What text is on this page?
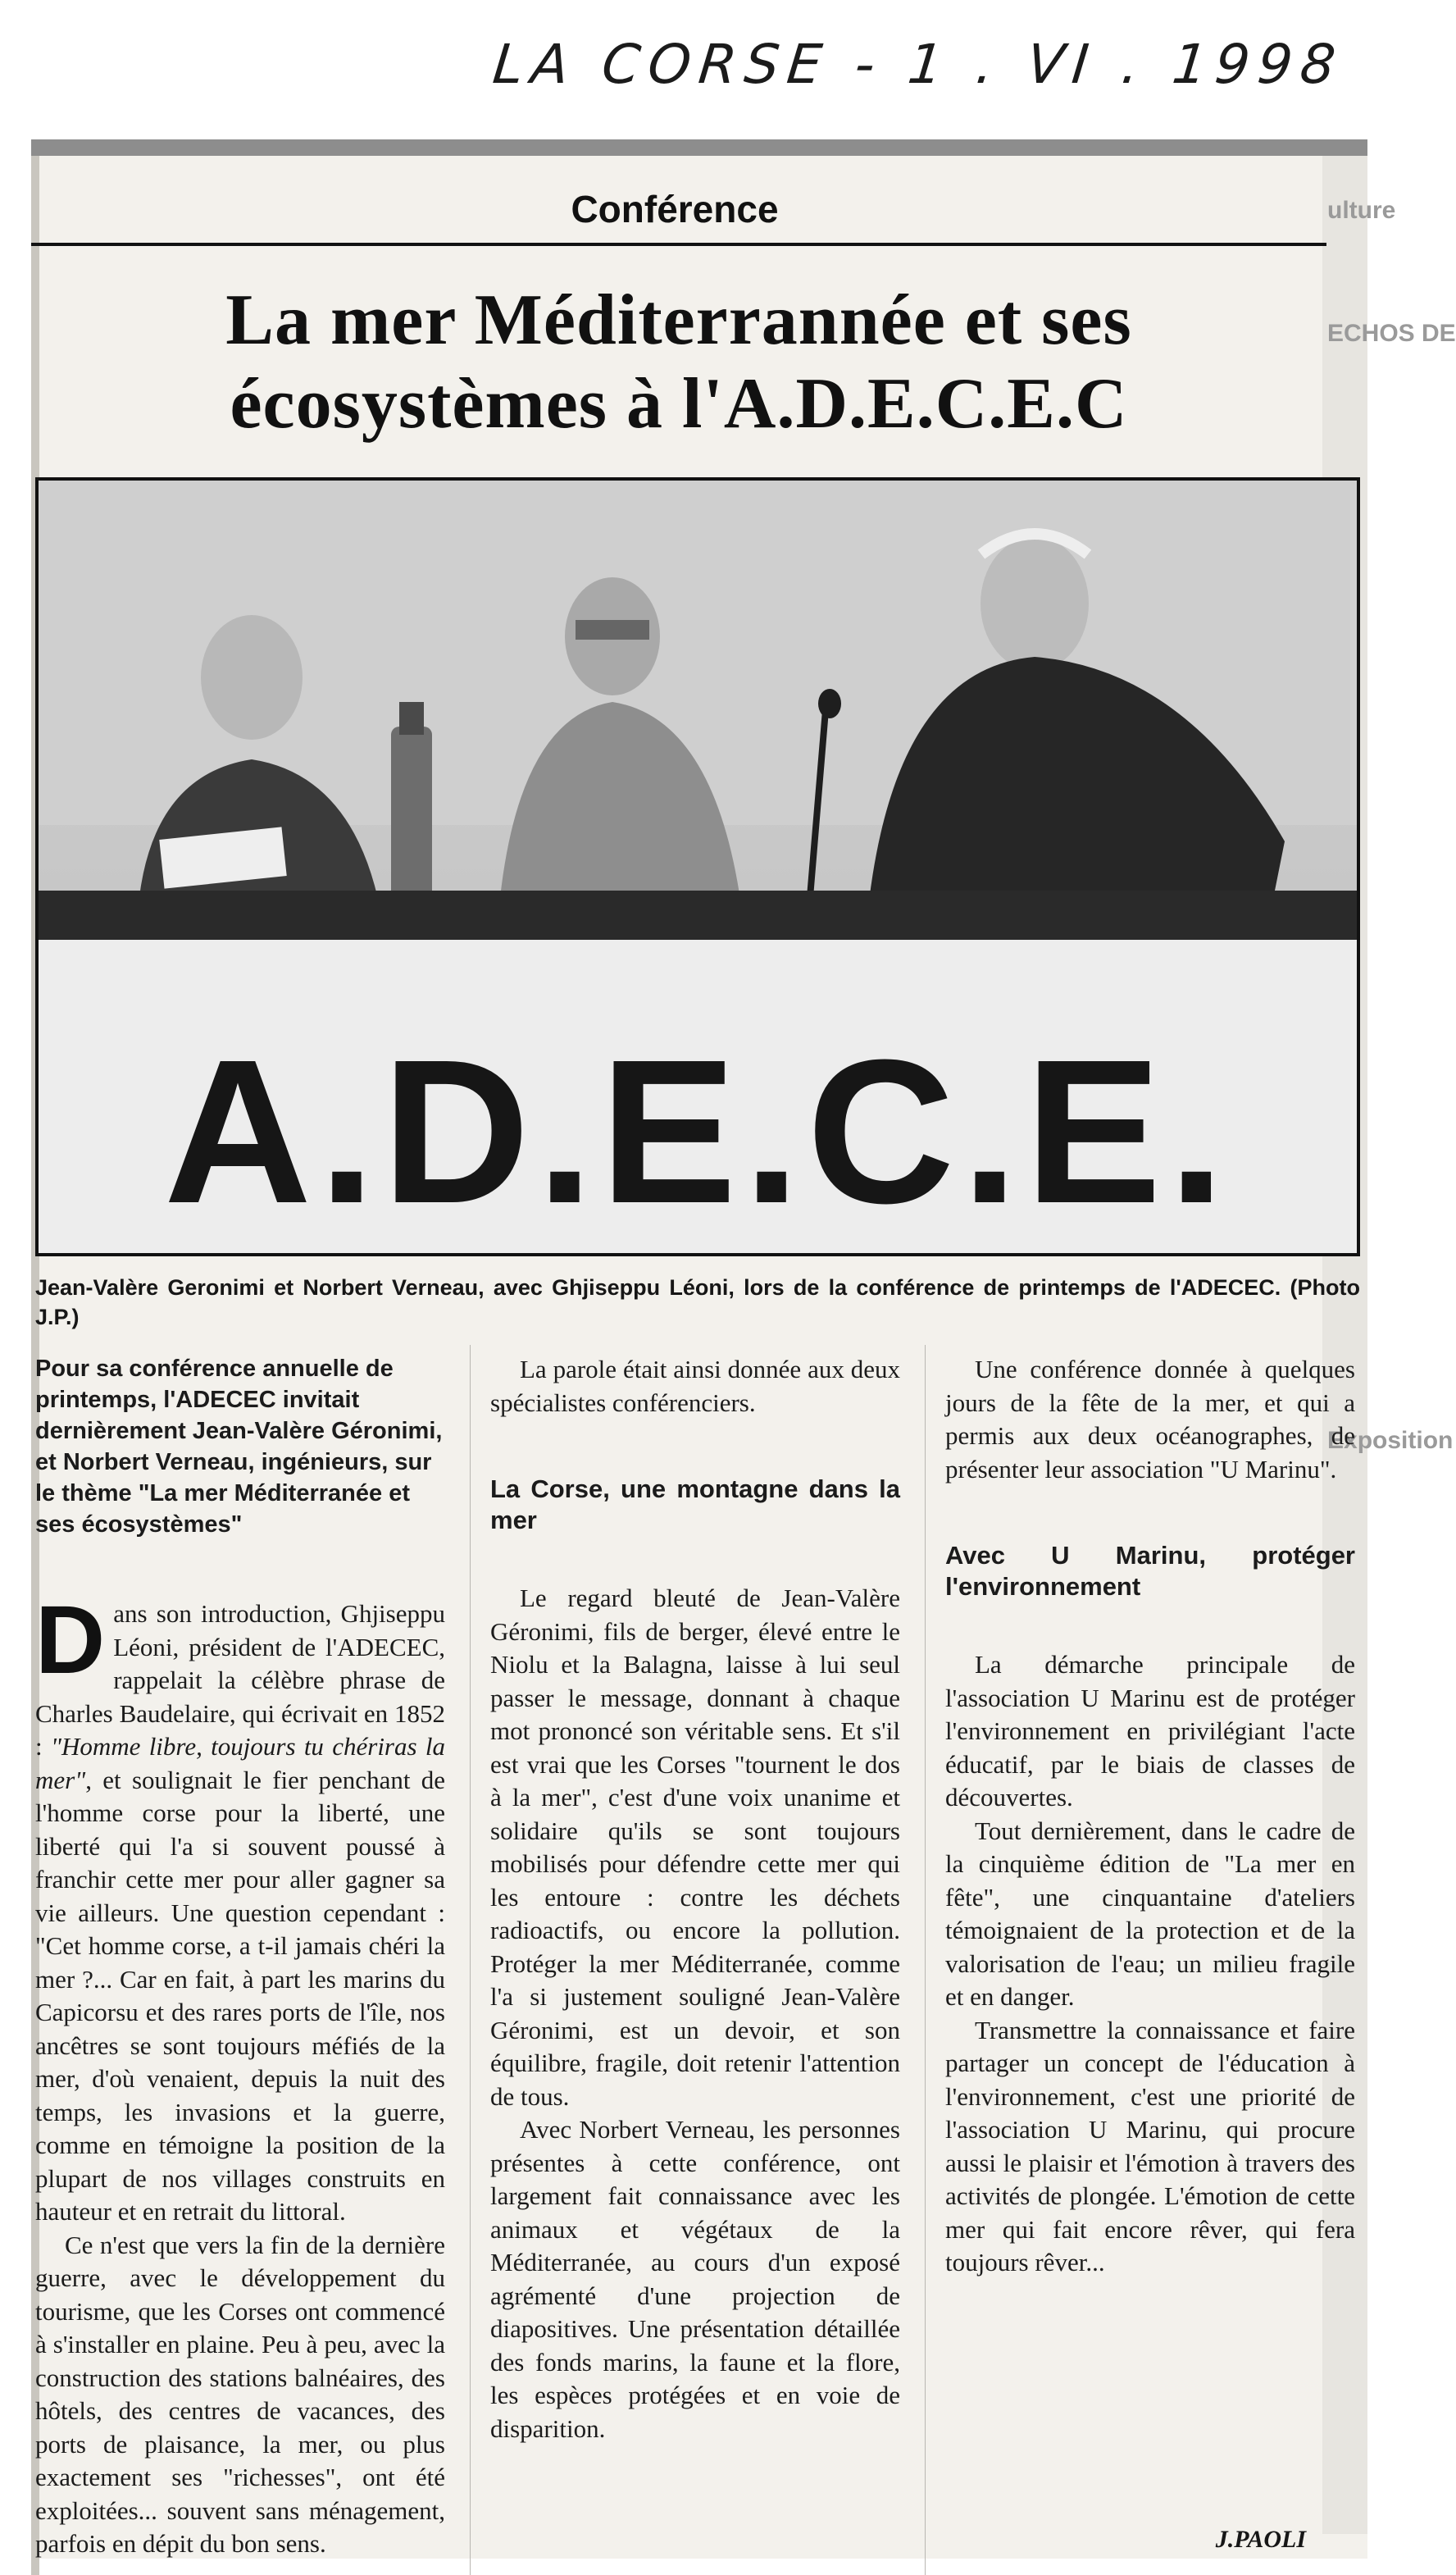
LA CORSE - 1 . VI . 1998
ulture
ECHOS DE
Exposition
Conférence
La mer Méditerrannée et ses
écosystèmes à l'A.D.E.C.E.C
A.D.E.C.E.
Jean-Valère Geronimi et Norbert Verneau, avec Ghjiseppu Léoni, lors de la conférence de printemps de l'ADECEC. (Photo J.P.)
Pour sa conférence annuelle de printemps, l'ADECEC invitait dernièrement Jean-Valère Géronimi, et Norbert Verneau, ingénieurs, sur le thème "La mer Méditerranée et ses écosystèmes"

Dans son introduction, Ghjiseppu Léoni, président de l'ADECEC, rappelait la célèbre phrase de Charles Baudelaire, qui écrivait en 1852 : "Homme libre, toujours tu chériras la mer", et soulignait le fier penchant de l'homme corse pour la liberté, une liberté qui l'a si souvent poussé à franchir cette mer pour aller gagner sa vie ailleurs. Une question cependant : "Cet homme corse, a t-il jamais chéri la mer ?... Car en fait, à part les marins du Capicorsu et des rares ports de l'île, nos ancêtres se sont toujours méfiés de la mer, d'où venaient, depuis la nuit des temps, les invasions et la guerre, comme en témoigne la position de la plupart de nos villages construits en hauteur et en retrait du littoral.

Ce n'est que vers la fin de la dernière guerre, avec le développement du tourisme, que les Corses ont commencé à s'installer en plaine. Peu à peu, avec la construction des stations balnéaires, des hôtels, des centres de vacances, des ports de plaisance, la mer, ou plus exactement ses "richesses", ont été exploitées... souvent sans ménagement, parfois en dépit du bon sens.

La parole était ainsi donnée aux deux spécialistes conférenciers.

La Corse, une montagne dans la mer

Le regard bleuté de Jean-Valère Géronimi, fils de berger, élevé entre le Niolu et la Balagna, laisse à lui seul passer le message, donnant à chaque mot prononcé son véritable sens. Et s'il est vrai que les Corses "tournent le dos à la mer", c'est d'une voix unanime et solidaire qu'ils se sont toujours mobilisés pour défendre cette mer qui les entoure : contre les déchets radioactifs, ou encore la pollution. Protéger la mer Méditerranée, comme l'a si justement souligné Jean-Valère Géronimi, est un devoir, et son équilibre, fragile, doit retenir l'attention de tous.

Avec Norbert Verneau, les personnes présentes à cette conférence, ont largement fait connaissance avec les animaux et végétaux de la Méditerranée, au cours d'un exposé agrémenté d'une projection de diapositives. Une présentation détaillée des fonds marins, la faune et la flore, les espèces protégées et en voie de disparition.

Une conférence donnée à quelques jours de la fête de la mer, et qui a permis aux deux océanographes, de présenter leur association "U Marinu".

Avec U Marinu, protéger l'environnement

La démarche principale de l'association U Marinu est de protéger l'environnement en privilégiant l'acte éducatif, par le biais de classes de découvertes.

Tout dernièrement, dans le cadre de la cinquième édition de "La mer en fête", une cinquantaine d'ateliers témoignaient de la protection et de la valorisation de l'eau; un milieu fragile et en danger.

Transmettre la connaissance et faire partager un concept de l'éducation à l'environnement, c'est une priorité de l'association U Marinu, qui procure aussi le plaisir et l'émotion à travers des activités de plongée. L'émotion de cette mer qui fait encore rêver, qui fera toujours rêver...

J.PAOLI
